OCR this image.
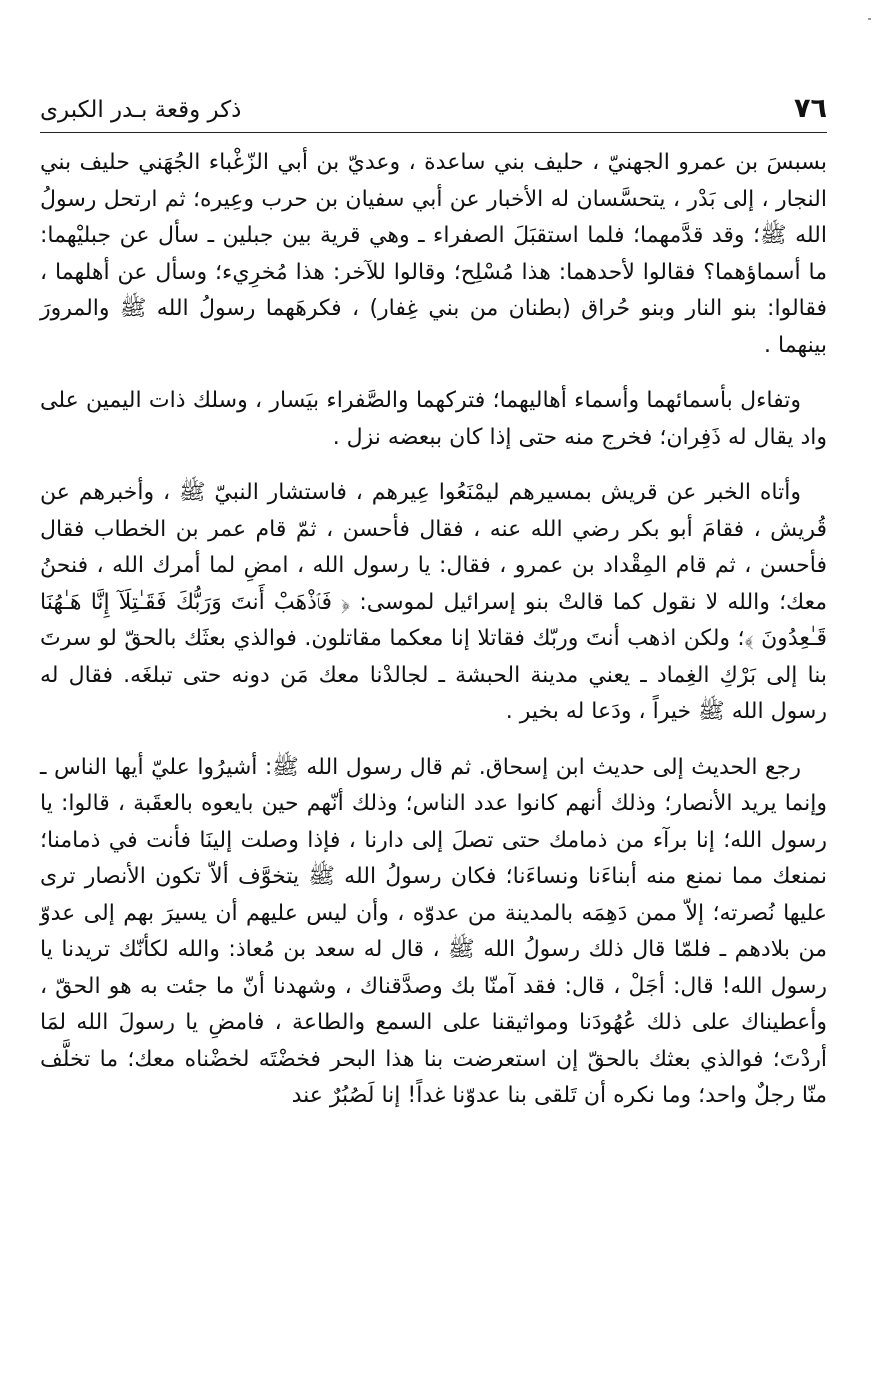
٧٦
ذكر وقعة بـدر الكبرى

بسبسَ بن عمرو الجهنيّ ، حليف بني ساعدة ، وعديّ بن أبي الزّغْباء الجُهَني حليف بني النجار ، إلى بَدْر ، يتحسَّسان له الأخبار عن أبي سفيان بن حرب وعِيره؛ ثم ارتحل رسولُ الله ﷺ؛ وقد قدَّمهما؛ فلما استقبَلَ الصفراء ـ وهي قرية بين جبلين ـ سأل عن جبليْهما: ما أسماؤهما؟ فقالوا لأحدهما: هذا مُسْلِح؛ وقالوا للآخر: هذا مُخرِيء؛ وسأل عن أهلهما ، فقالوا: بنو النار وبنو حُراق (بطنان من بني غِفار) ، فكرهَهما رسولُ الله ﷺ والمرورَ بينهما .

وتفاءل بأسمائهما وأسماء أهاليهما؛ فتركهما والصَّفراء بيَسار ، وسلك ذات اليمين على واد يقال له ذَفِران؛ فخرج منه حتى إذا كان ببعضه نزل .

وأتاه الخبر عن قريش بمسيرهم ليمْنَعُوا عِيرهم ، فاستشار النبيّ ﷺ ، وأخبرهم عن قُريش ، فقامَ أبو بكر رضي الله عنه ، فقال فأحسن ، ثمّ قام عمر بن الخطاب فقال فأحسن ، ثم قام المِقْداد بن عمرو ، فقال: يا رسول الله ، امضِ لما أمرك الله ، فنحنُ معك؛ والله لا نقول كما قالتْ بنو إسرائيل لموسى: ﴿ فَٱذْهَبْ أَنتَ وَرَبُّكَ فَقَـٰتِلَآ إِنَّا هَـٰهُنَا قَـٰعِدُونَ ﴾؛ ولكن اذهب أنتَ وربّك فقاتلا إنا معكما مقاتلون. فوالذي بعثَك بالحقّ لو سرتَ بنا إلى بَرْكِ الغِماد ـ يعني مدينة الحبشة ـ لجالدْنا معك مَن دونه حتى تبلغَه. فقال له رسول الله ﷺ خيراً ، ودَعا له بخير .

رجع الحديث إلى حديث ابن إسحاق. ثم قال رسول الله ﷺ: أشيرُوا عليّ أيها الناس ـ وإنما يريد الأنصار؛ وذلك أنهم كانوا عدد الناس؛ وذلك أنّهم حين بايعوه بالعقَبة ، قالوا: يا رسول الله؛ إنا برآء من ذمامك حتى تصلَ إلى دارنا ، فإذا وصلت إلينَا فأنت في ذمامنا؛ نمنعك مما نمنع منه أبناءَنا ونساءَنا؛ فكان رسولُ الله ﷺ يتخوَّف ألاّ تكون الأنصار ترى عليها نُصرته؛ إلاّ ممن دَهِمَه بالمدينة من عدوّه ، وأن ليس عليهم أن يسيرَ بهم إلى عدوّ من بلادهم ـ فلمّا قال ذلك رسولُ الله ﷺ ، قال له سعد بن مُعاذ: والله لكأنّك تريدنا يا رسول الله! قال: أجَلْ ، قال: فقد آمنّا بك وصدَّقناك ، وشهدنا أنّ ما جئت به هو الحقّ ، وأعطيناك على ذلك عُهُودَنا ومواثيقنا على السمع والطاعة ، فامضِ يا رسولَ الله لمَا أردْتَ؛ فوالذي بعثك بالحقّ إن استعرضت بنا هذا البحر فخضْتَه لخضْناه معك؛ ما تخلَّف منّا رجلٌ واحد؛ وما نكره أن تَلقى بنا عدوّنا غداً! إنا لَصُبُرٌ عند
